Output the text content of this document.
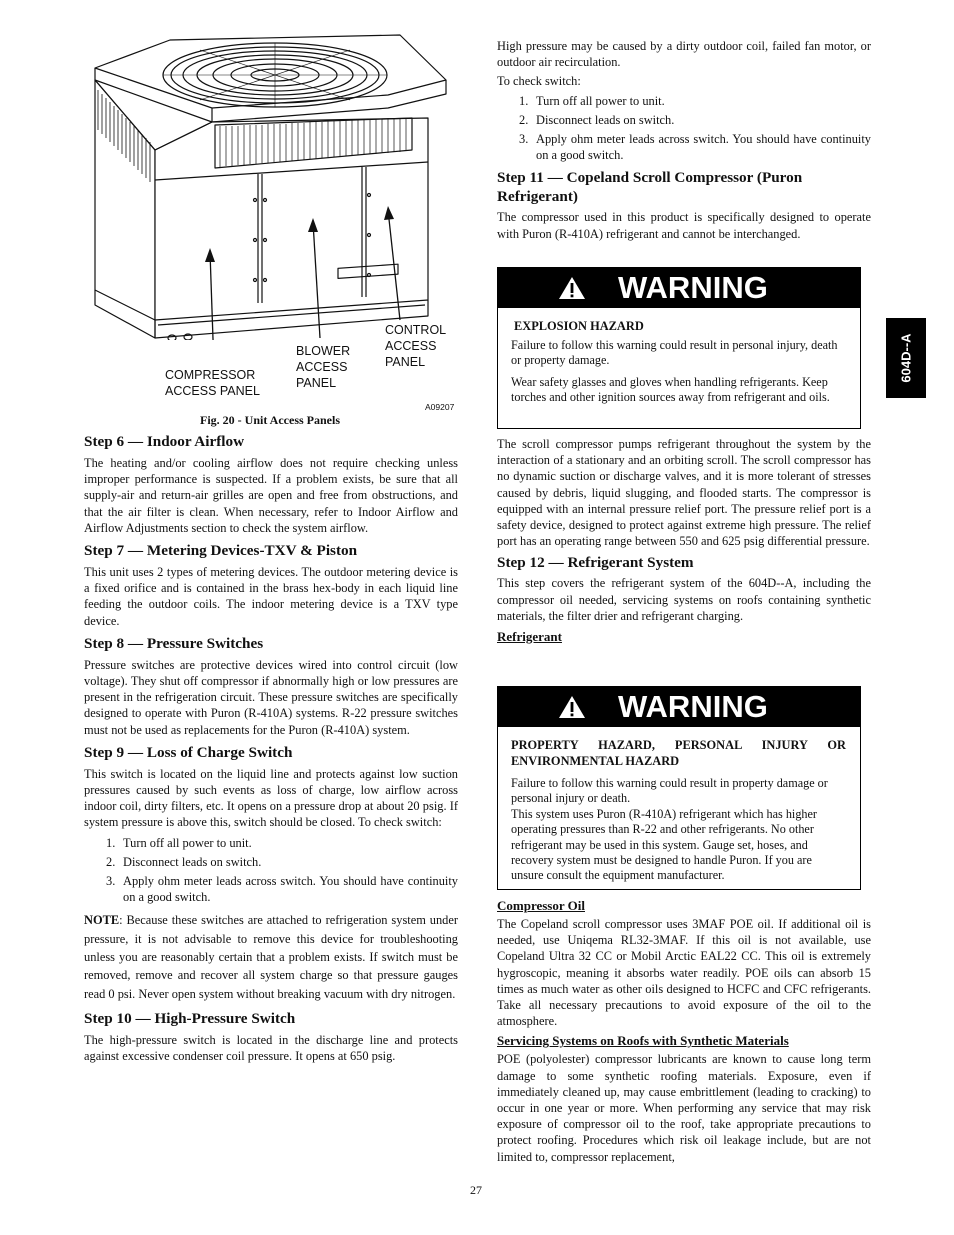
COMPRESSOR
ACCESS PANEL
BLOWER
ACCESS
PANEL
CONTROL
ACCESS
PANEL
A09207
Fig. 20 - Unit Access Panels
Step 6 — Indoor Airflow

The heating and/or cooling airflow does not require checking unless improper performance is suspected. If a problem exists, be sure that all supply-air and return-air grilles are open and free from obstructions, and that the air filter is clean. When necessary, refer to Indoor Airflow and Airflow Adjustments section to check the system airflow.

Step 7 — Metering Devices-TXV & Piston

This unit uses 2 types of metering devices. The outdoor metering device is a fixed orifice and is contained in the brass hex-body in each liquid line feeding the outdoor coils. The indoor metering device is a TXV type device.

Step 8 — Pressure Switches

Pressure switches are protective devices wired into control circuit (low voltage). They shut off compressor if abnormally high or low pressures are present in the refrigeration circuit. These pressure switches are specifically designed to operate with Puron (R-410A) systems. R-22 pressure switches must not be used as replacements for the Puron (R-410A) system.

Step 9 — Loss of Charge Switch

This switch is located on the liquid line and protects against low suction pressures caused by such events as loss of charge, low airflow across indoor coil, dirty filters, etc. It opens on a pressure drop at about 20 psig. If system pressure is above this, switch should be closed. To check switch:

1. Turn off all power to unit.
2. Disconnect leads on switch.
3. Apply ohm meter leads across switch. You should have continuity on a good switch.

NOTE: Because these switches are attached to refrigeration system under pressure, it is not advisable to remove this device for troubleshooting unless you are reasonably certain that a problem exists. If switch must be removed, remove and recover all system charge so that pressure gauges read 0 psi. Never open system without breaking vacuum with dry nitrogen.

Step 10 — High-Pressure Switch

The high-pressure switch is located in the discharge line and protects against excessive condenser coil pressure. It opens at 650 psig.

High pressure may be caused by a dirty outdoor coil, failed fan motor, or outdoor air recirculation.

To check switch:

1. Turn off all power to unit.
2. Disconnect leads on switch.
3. Apply ohm meter leads across switch. You should have continuity on a good switch.
Step 11 — Copeland Scroll Compressor (Puron Refrigerant)

The compressor used in this product is specifically designed to operate with Puron (R-410A) refrigerant and cannot be interchanged.

WARNING
EXPLOSION HAZARD

Failure to follow this warning could result in personal injury, death or property damage.

Wear safety glasses and gloves when handling refrigerants. Keep torches and other ignition sources away from refrigerant and oils.

The scroll compressor pumps refrigerant throughout the system by the interaction of a stationary and an orbiting scroll. The scroll compressor has no dynamic suction or discharge valves, and it is more tolerant of stresses caused by debris, liquid slugging, and flooded starts. The compressor is equipped with an internal pressure relief port. The pressure relief port is a safety device, designed to protect against extreme high pressure. The relief port has an operating range between 550 and 625 psig differential pressure.

Step 12 — Refrigerant System

This step covers the refrigerant system of the 604D--A, including the compressor oil needed, servicing systems on roofs containing synthetic materials, the filter drier and refrigerant charging.

Refrigerant
WARNING
PROPERTY HAZARD, PERSONAL INJURY OR ENVIRONMENTAL HAZARD

Failure to follow this warning could result in property damage or personal injury or death.

This system uses Puron (R-410A) refrigerant which has higher operating pressures than R-22 and other refrigerants. No other refrigerant may be used in this system. Gauge set, hoses, and recovery system must be designed to handle Puron. If you are unsure consult the equipment manufacturer.

Compressor Oil

The Copeland scroll compressor uses 3MAF POE oil. If additional oil is needed, use Uniqema RL32-3MAF. If this oil is not available, use Copeland Ultra 32 CC or Mobil Arctic EAL22 CC. This oil is extremely hygroscopic, meaning it absorbs water readily. POE oils can absorb 15 times as much water as other oils designed to HCFC and CFC refrigerants. Take all necessary precautions to avoid exposure of the oil to the atmosphere.

Servicing Systems on Roofs with Synthetic Materials

POE (polyolester) compressor lubricants are known to cause long term damage to some synthetic roofing materials. Exposure, even if immediately cleaned up, may cause embrittlement (leading to cracking) to occur in one year or more. When performing any service that may risk exposure of compressor oil to the roof, take appropriate precautions to protect roofing. Procedures which risk oil leakage include, but are not limited to, compressor replacement,

604D--A
27
